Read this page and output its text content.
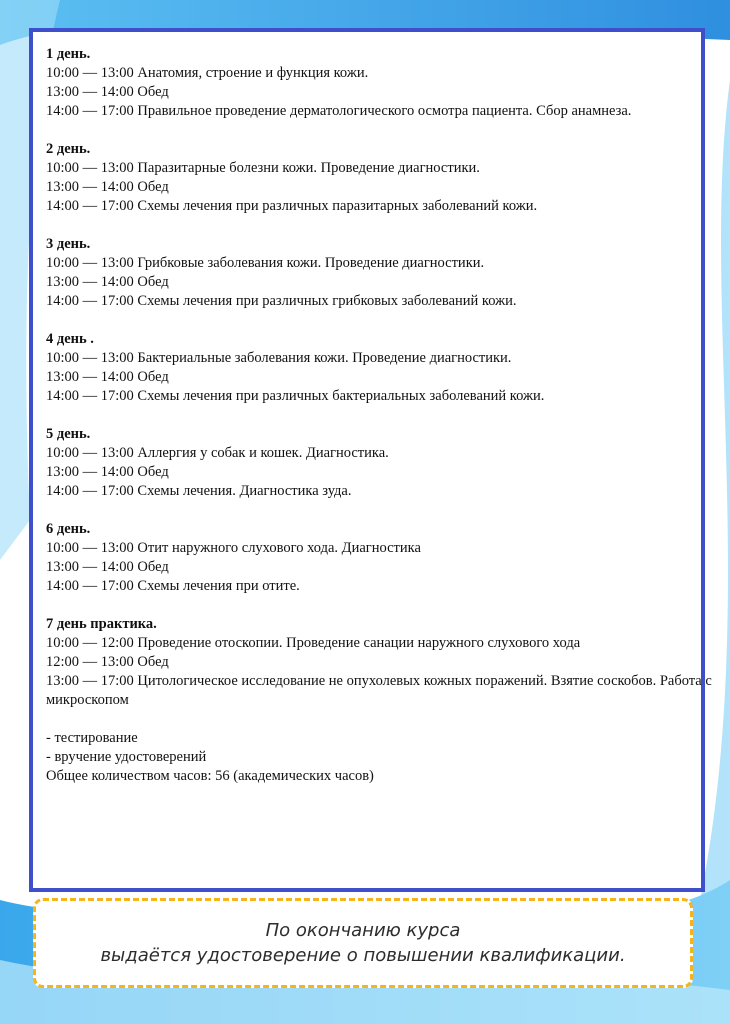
1 день.
10:00 — 13:00 Анатомия, строение и функция кожи.
13:00 — 14:00 Обед
14:00 — 17:00 Правильное проведение дерматологического осмотра пациента. Сбор анамнеза.
2 день.
10:00 — 13:00 Паразитарные болезни кожи. Проведение диагностики.
13:00 — 14:00 Обед
14:00 — 17:00 Схемы лечения при различных паразитарных заболеваний кожи.
3 день.
10:00 — 13:00 Грибковые заболевания кожи. Проведение диагностики.
13:00 — 14:00 Обед
14:00 — 17:00 Схемы лечения при различных грибковых заболеваний кожи.
4 день .
10:00 — 13:00 Бактериальные заболевания кожи. Проведение диагностики.
13:00 — 14:00 Обед
14:00 — 17:00 Схемы лечения при различных бактериальных заболеваний кожи.
5 день.
10:00 — 13:00 Аллергия у собак и кошек. Диагностика.
13:00 — 14:00 Обед
14:00 — 17:00 Схемы лечения. Диагностика зуда.
6 день.
10:00 — 13:00 Отит наружного слухового хода. Диагностика
13:00 — 14:00 Обед
14:00 — 17:00 Схемы лечения при отите.
7 день практика.
10:00 — 12:00 Проведение отоскопии. Проведение санации наружного слухового хода
12:00 — 13:00 Обед
13:00 — 17:00 Цитологическое исследование не опухолевых кожных поражений. Взятие соскобов. Работа с микроскопом
- тестирование
- вручение удостоверений
Общее количеством часов: 56 (академических часов)
По окончанию курса
выдаётся удостоверение о повышении квалификации.
